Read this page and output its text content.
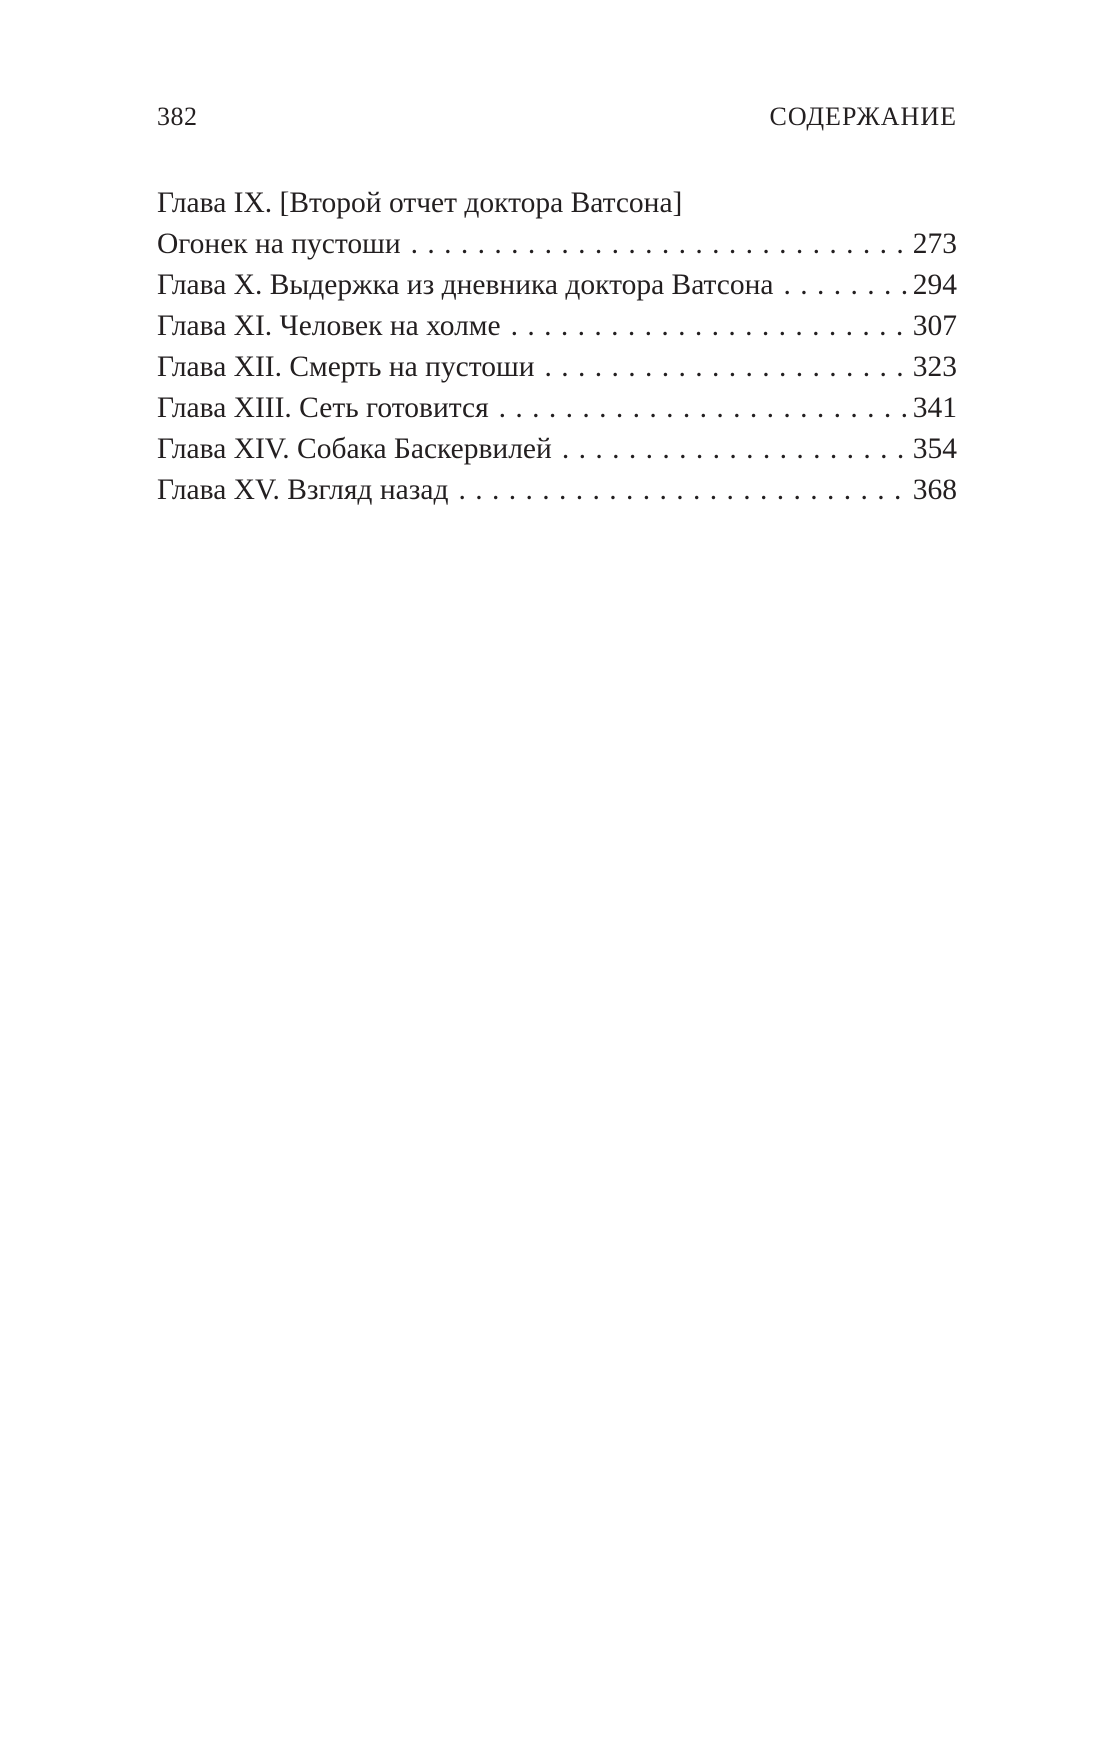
382	СОДЕРЖАНИЕ
Глава IX. [Второй отчет доктора Ватсона]
Огонек на пустоши . . .	273
Глава X. Выдержка из дневника доктора Ватсона . . .	294
Глава XI. Человек на холме . . .	307
Глава XII. Смерть на пустоши . . .	323
Глава XIII. Сеть готовится . . .	341
Глава XIV. Собака Баскервилей . . .	354
Глава XV. Взгляд назад . . .	368
